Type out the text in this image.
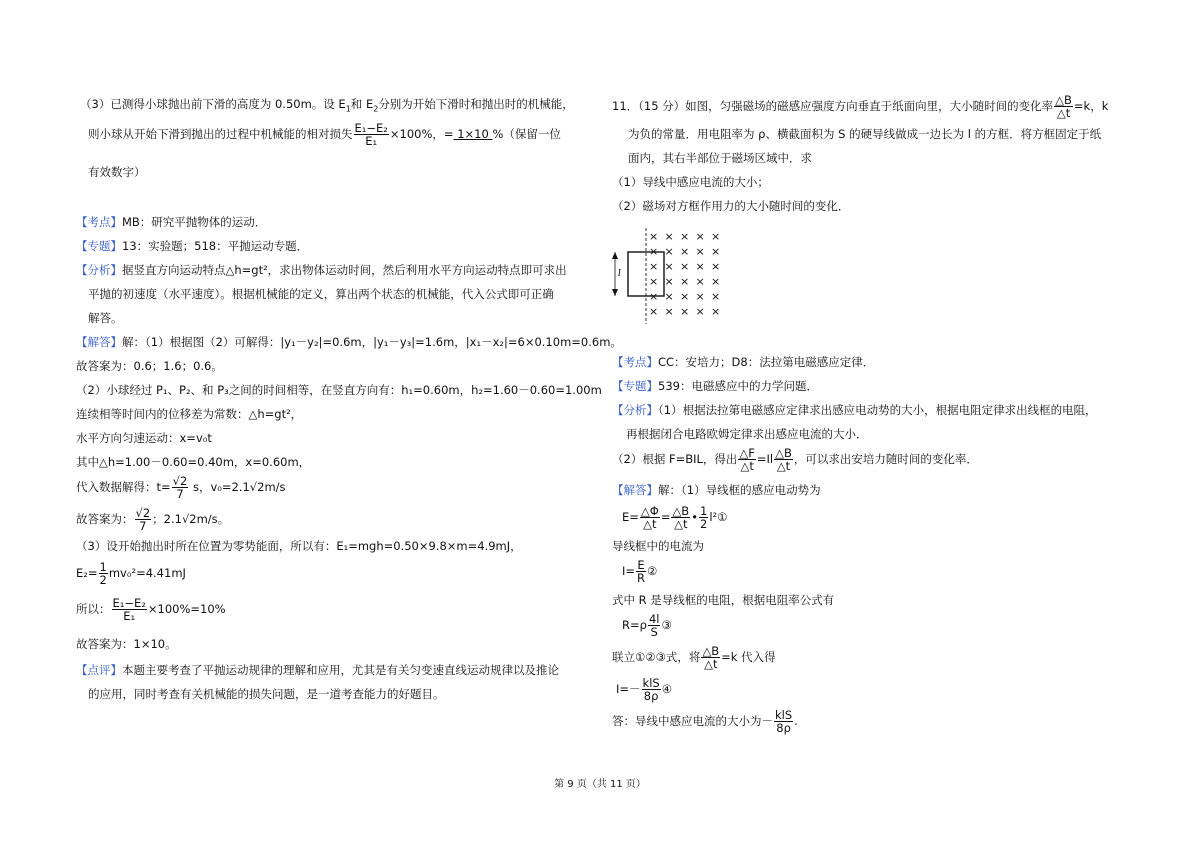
（3）已测得小球抛出前下滑的高度为 0.50m。设 $E_1$和 $E_2$分别为开始下滑时和抛出时的机械能，
则小球从开始下滑到抛出的过程中机械能的相对损失 $\frac{\text{E₁−E₂}}{\text{E₁}} \times 100\%$，= 1×10 %（保留一位
有效数字）
【考点】MB：研究平抛物体的运动．
【专题】13：实验题；518：平抛运动专题．
【分析】据竖直方向运动特点△h=gt²，求出物体运动时间，然后利用水平方向运动特点即可求出
平抛的初速度（水平速度）。根据机械能的定义，算出两个状态的机械能，代入公式即可正确
解答。
【解答】解：（1）根据图（2）可解得：|y₁－y₂|=0.6m，|y₁－y₃|=1.6m，|x₁－x₂|=6×0.10m=0.6m。
故答案为：0.6；1.6；0.6。
（2）小球经过 P₁、P₂、和 P₃之间的时间相等，在竖直方向有：h₁=0.60m，h₂=1.60－0.60=1.00m
连续相等时间内的位移差为常数：△h=gt²，
水平方向匀速运动：x=v₀t
其中△h=1.00－0.60=0.40m，x=0.60m，
代入数据解得：$t= \frac{√2}{7}$ s，v₀=2.1√2m/s
故答案为： $\frac{√2}{7}$ ；2.1√2m/s。
（3）设开始抛出时所在位置为零势能面，所以有：E₁=mgh=0.50×9.8×m=4.9mJ，
$E_2= \frac{1}{2} mv_0^2=4.41mJ$
所以： $\frac{\text{E₁−E₂}}{\text{E₁}} \times 100\%=10\%$
故答案为：1×10。
【点评】本题主要考查了平抛运动规律的理解和应用，尤其是有关匀变速直线运动规律以及推论
的应用，同时考查有关机械能的损失问题，是一道考查能力的好题目。
11．（15 分）如图，匀强磁场的磁感应强度方向垂直于纸面向里，大小随时间的变化率 $\frac{\triangle B}{\triangle t} =k$，k
为负的常量．用电阻率为 ρ、横截面积为 S 的硬导线做成一边长为 l 的方框．将方框固定于纸
面内，其右半部位于磁场区域中．求
（1）导线中感应电流的大小；
（2）磁场对方框作用力的大小随时间的变化．
l
× × × × ×
× × × × ×
× × × × ×
× × × × ×
× × × × ×
× × × × ×
【考点】CC：安培力；D8：法拉第电磁感应定律．
【专题】539：电磁感应中的力学问题．
【分析】（1）根据法拉第电磁感应定律求出感应电动势的大小，根据电阻定律求出线框的电阻，
再根据闭合电路欧姆定律求出感应电流的大小．
（2）根据 F=BIL，得出 $\frac{\triangle F}{\triangle t} =Il \frac{\triangle B}{\triangle t}$ ，可以求出安培力随时间的变化率．
【解答】解：（1）导线框的感应电动势为
$E= \frac{\triangle\Phi}{\triangle t} = \frac{\triangle B}{\triangle t}$ • $\frac{1}{2}$ l²①
导线框中的电流为
$I= \frac{E}{R}$ ②
式中 R 是导线框的电阻，根据电阻率公式有
$R=\rho \frac{4l}{S}$ ③
联立①②③式，将 $\frac{\triangle B}{\triangle t} =k$ 代入得
$I=- \frac{\text{klS}}{8\rho}$ ④
答：导线中感应电流的大小为－ $\frac{\text{klS}}{8\rho}$ .
第 9 页（共 11 页）
